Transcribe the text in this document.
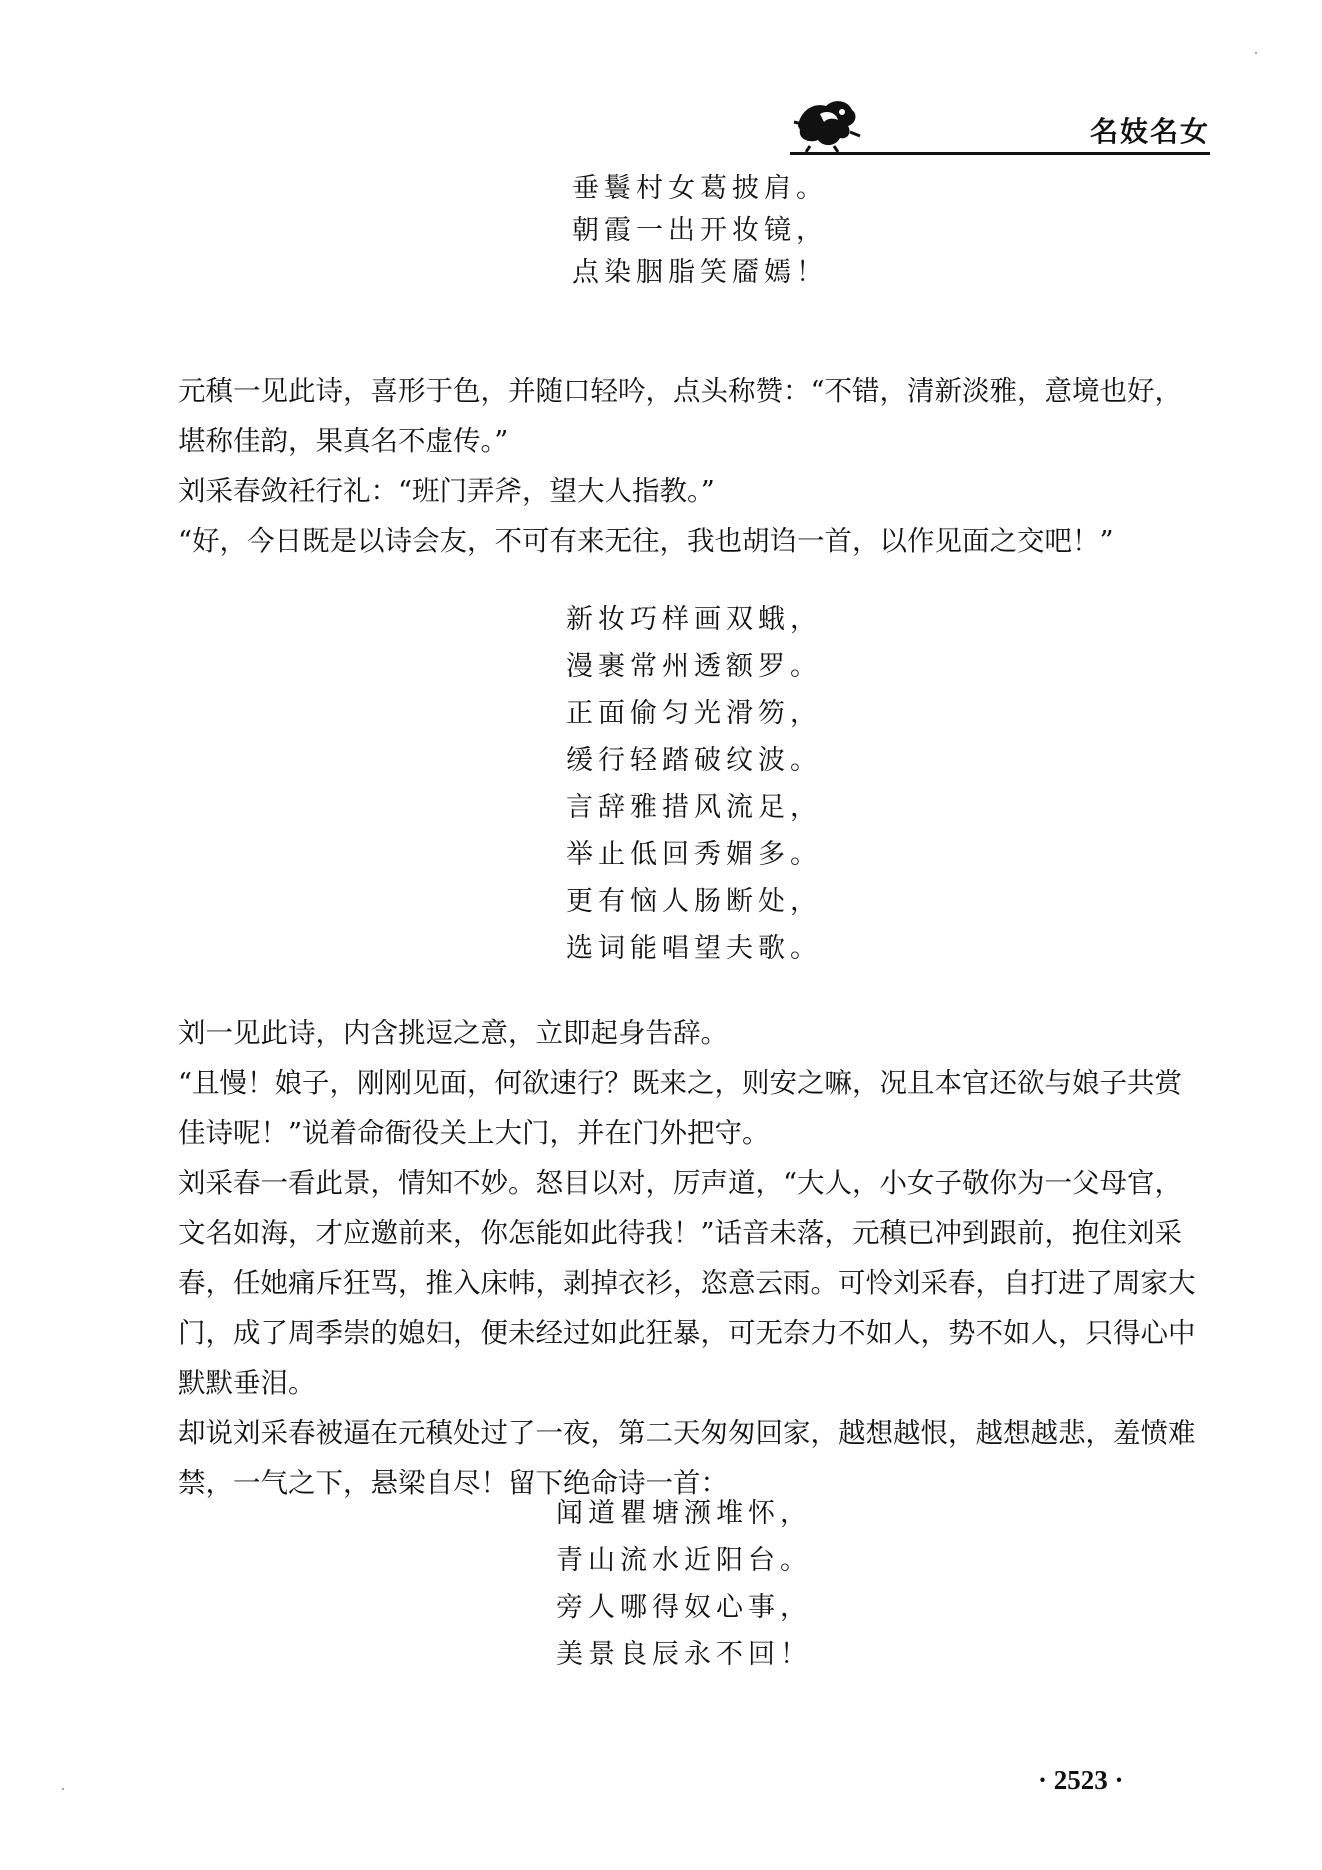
名妓名女
垂鬟村女葛披肩。
朝霞一出开妆镜，
点染胭脂笑靥嫣！

元稹一见此诗，喜形于色，并随口轻吟，点头称赞：“不错，清新淡雅，意境也好，堪称佳韵，果真名不虚传。”

刘采春敛衽行礼：“班门弄斧，望大人指教。”

“好，今日既是以诗会友，不可有来无往，我也胡诌一首，以作见面之交吧！”

新妆巧样画双蛾，
漫裹常州透额罗。
正面偷匀光滑笏，
缓行轻踏破纹波。
言辞雅措风流足，
举止低回秀媚多。
更有恼人肠断处，
选词能唱望夫歌。

刘一见此诗，内含挑逗之意，立即起身告辞。

“且慢！娘子，刚刚见面，何欲速行？既来之，则安之嘛，况且本官还欲与娘子共赏佳诗呢！”说着命衙役关上大门，并在门外把守。

刘采春一看此景，情知不妙。怒目以对，厉声道，“大人，小女子敬你为一父母官，文名如海，才应邀前来，你怎能如此待我！”话音未落，元稹已冲到跟前，抱住刘采春，任她痛斥狂骂，推入床帏，剥掉衣衫，恣意云雨。可怜刘采春，自打进了周家大门，成了周季崇的媳妇，便未经过如此狂暴，可无奈力不如人，势不如人，只得心中默默垂泪。

却说刘采春被逼在元稹处过了一夜，第二天匆匆回家，越想越恨，越想越悲，羞愤难禁，一气之下，悬梁自尽！留下绝命诗一首：

闻道瞿塘滪堆怀，
青山流水近阳台。
旁人哪得奴心事，
美景良辰永不回！
· 2523 ·
